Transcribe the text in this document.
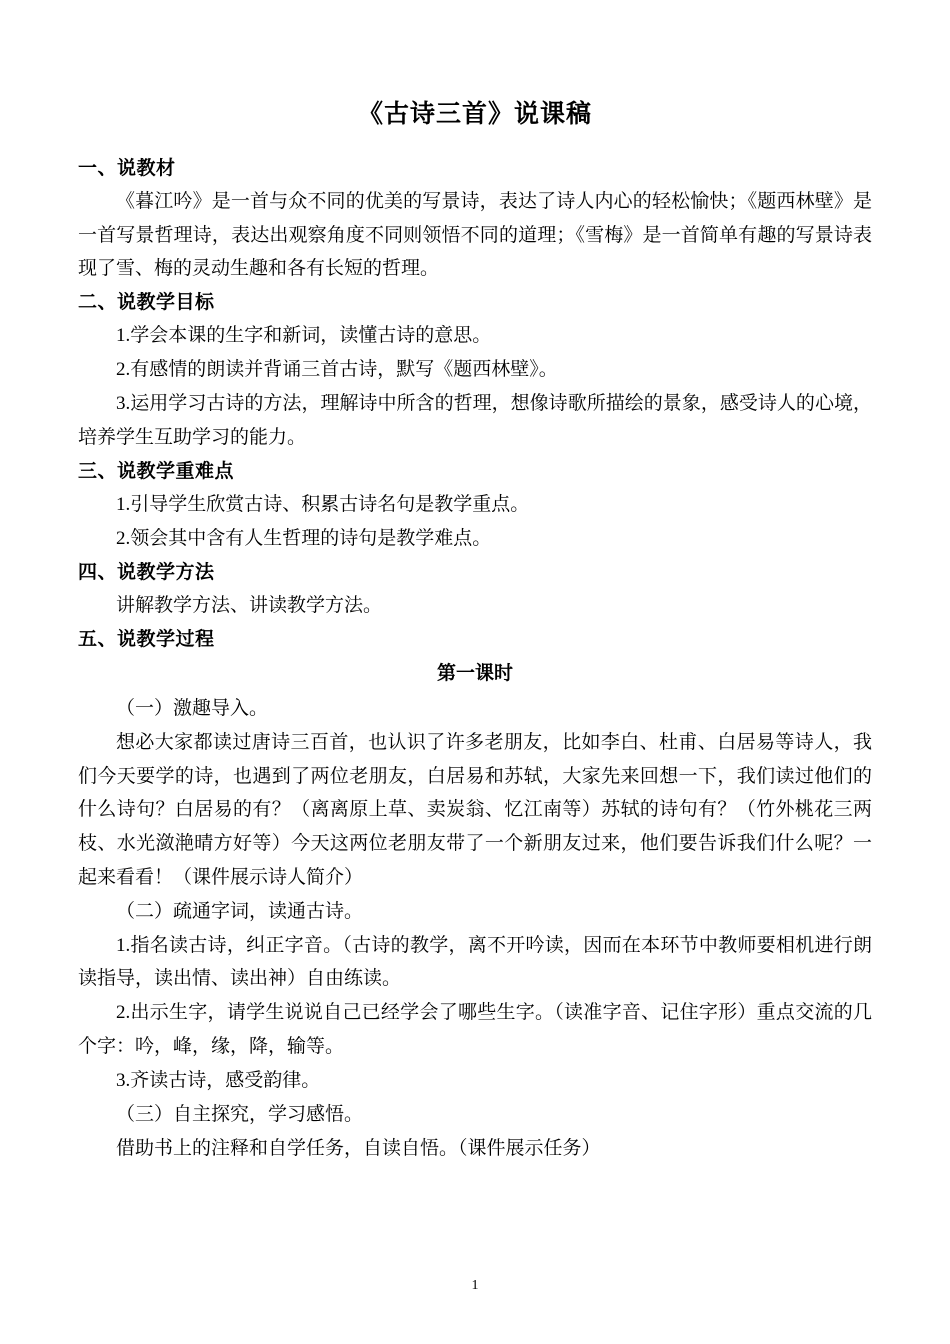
《古诗三首》说课稿

一、说教材

《暮江吟》是一首与众不同的优美的写景诗，表达了诗人内心的轻松愉快；《题西林壁》是一首写景哲理诗，表达出观察角度不同则领悟不同的道理；《雪梅》是一首简单有趣的写景诗表现了雪、梅的灵动生趣和各有长短的哲理。

二、说教学目标

1.学会本课的生字和新词，读懂古诗的意思。

2.有感情的朗读并背诵三首古诗，默写《题西林壁》。

3.运用学习古诗的方法，理解诗中所含的哲理，想像诗歌所描绘的景象，感受诗人的心境，培养学生互助学习的能力。

三、说教学重难点

1.引导学生欣赏古诗、积累古诗名句是教学重点。

2.领会其中含有人生哲理的诗句是教学难点。

四、说教学方法

讲解教学方法、讲读教学方法。

五、说教学过程

第一课时

（一）激趣导入。

想必大家都读过唐诗三百首，也认识了许多老朋友，比如李白、杜甫、白居易等诗人，我们今天要学的诗，也遇到了两位老朋友，白居易和苏轼，大家先来回想一下，我们读过他们的什么诗句？白居易的有？（离离原上草、卖炭翁、忆江南等）苏轼的诗句有？（竹外桃花三两枝、水光潋滟晴方好等）今天这两位老朋友带了一个新朋友过来，他们要告诉我们什么呢？一起来看看！（课件展示诗人简介）

（二）疏通字词，读通古诗。

1.指名读古诗，纠正字音。（古诗的教学，离不开吟读，因而在本环节中教师要相机进行朗读指导，读出情、读出神）自由练读。

2.出示生字，请学生说说自己已经学会了哪些生字。（读准字音、记住字形）重点交流的几个字：吟，峰，缘，降，输等。

3.齐读古诗，感受韵律。

（三）自主探究，学习感悟。

借助书上的注释和自学任务，自读自悟。（课件展示任务）

1
